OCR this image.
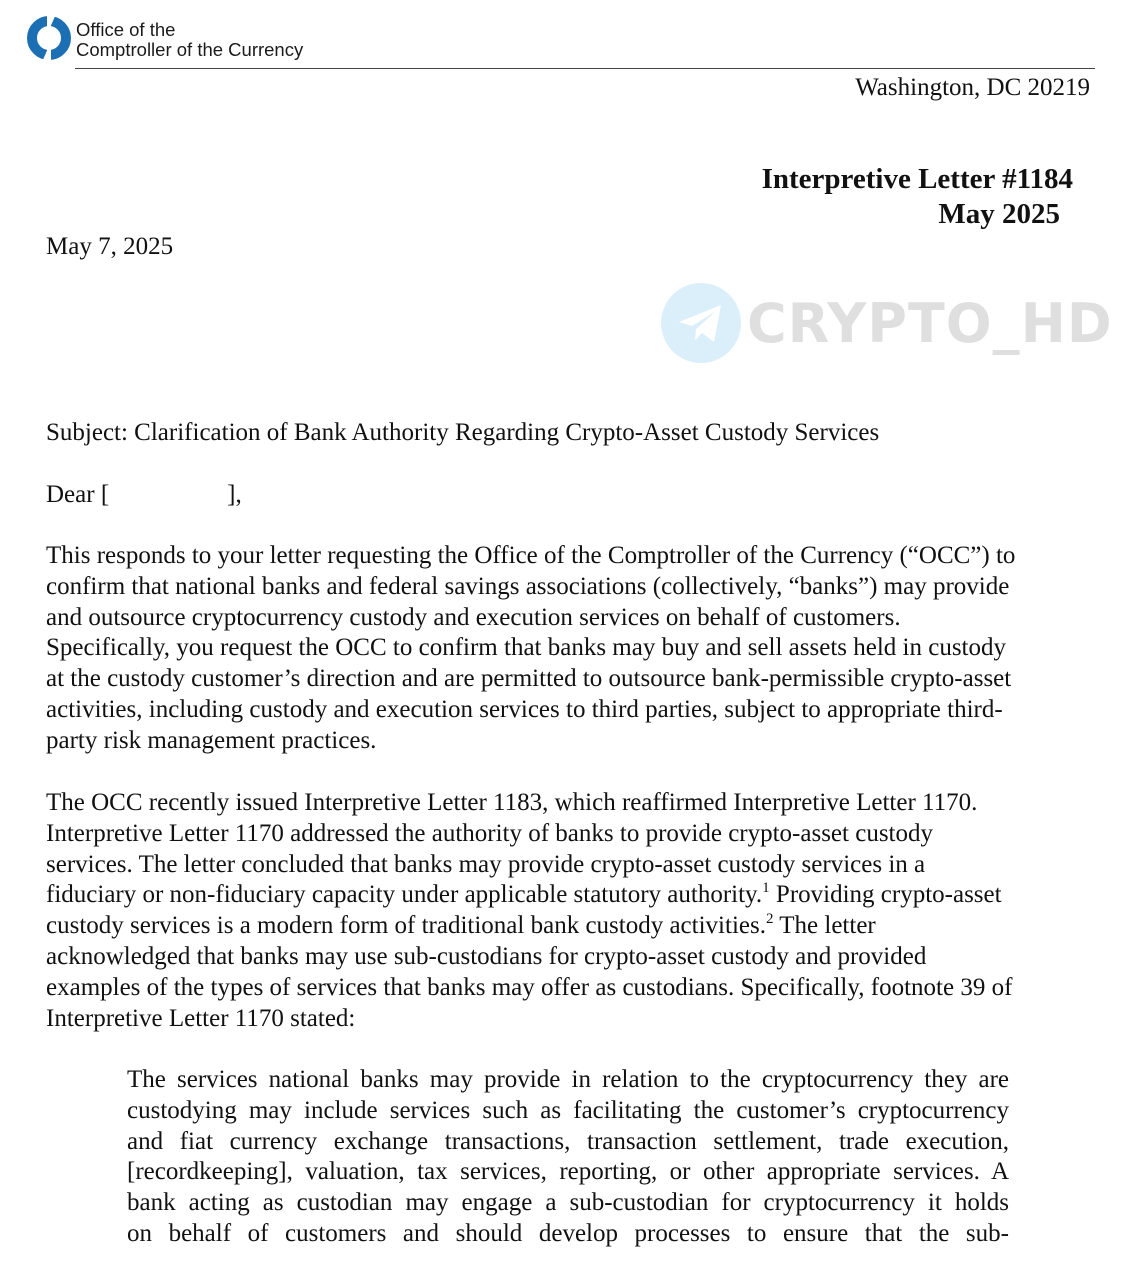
Office of the
Comptroller of the Currency
Washington, DC 20219
Interpretive Letter #1184
May 2025
May 7, 2025
CRYPTO_HD
Subject: Clarification of Bank Authority Regarding Crypto-Asset Custody Services
Dear [	],
This responds to your letter requesting the Office of the Comptroller of the Currency (“OCC”) to
confirm that national banks and federal savings associations (collectively, “banks”) may provide
and outsource cryptocurrency custody and execution services on behalf of customers.
Specifically, you request the OCC to confirm that banks may buy and sell assets held in custody
at the custody customer’s direction and are permitted to outsource bank-permissible crypto-asset
activities, including custody and execution services to third parties, subject to appropriate third-
party risk management practices.
The OCC recently issued Interpretive Letter 1183, which reaffirmed Interpretive Letter 1170.
Interpretive Letter 1170 addressed the authority of banks to provide crypto-asset custody
services. The letter concluded that banks may provide crypto-asset custody services in a
fiduciary or non-fiduciary capacity under applicable statutory authority.$^1$ Providing crypto-asset
custody services is a modern form of traditional bank custody activities.$^2$ The letter
acknowledged that banks may use sub-custodians for crypto-asset custody and provided
examples of the types of services that banks may offer as custodians. Specifically, footnote 39 of
Interpretive Letter 1170 stated:
The services national banks may provide in relation to the cryptocurrency they are
custodying may include services such as facilitating the customer’s cryptocurrency
and fiat currency exchange transactions, transaction settlement, trade execution,
[recordkeeping], valuation, tax services, reporting, or other appropriate services. A
bank acting as custodian may engage a sub-custodian for cryptocurrency it holds
on behalf of customers and should develop processes to ensure that the sub-
